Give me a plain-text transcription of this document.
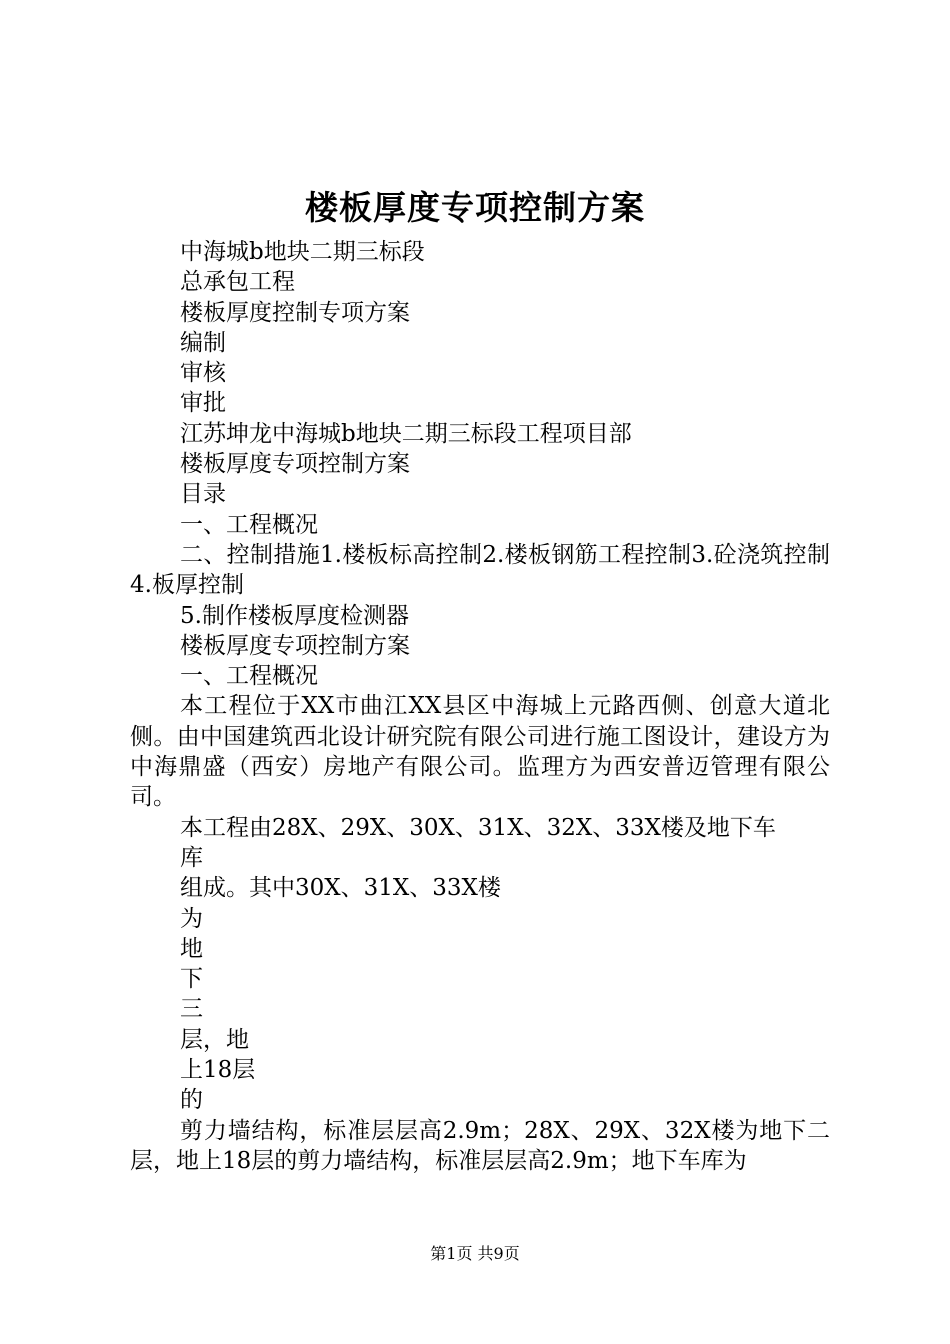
楼板厚度专项控制方案

中海城b地块二期三标段

总承包工程

楼板厚度控制专项方案

编制

审核

审批

江苏坤龙中海城b地块二期三标段工程项目部

楼板厚度专项控制方案

目录

一、工程概况

二、控制措施1.楼板标高控制2.楼板钢筋工程控制3.砼浇筑控制4.板厚控制

5.制作楼板厚度检测器

楼板厚度专项控制方案

一、工程概况

本工程位于XX市曲江XX县区中海城上元路西侧、创意大道北侧。由中国建筑西北设计研究院有限公司进行施工图设计，建设方为中海鼎盛（西安）房地产有限公司。监理方为西安普迈管理有限公司。

本工程由28X、29X、30X、31X、32X、33X楼及地下车

库

组成。其中30X、31X、33X楼

为

地

下

三

层，地

上18层

的

剪力墙结构，标准层层高2.9m；28X、29X、32X楼为地下二层，地上18层的剪力墙结构，标准层层高2.9m；地下车库为

第1页 共9页
